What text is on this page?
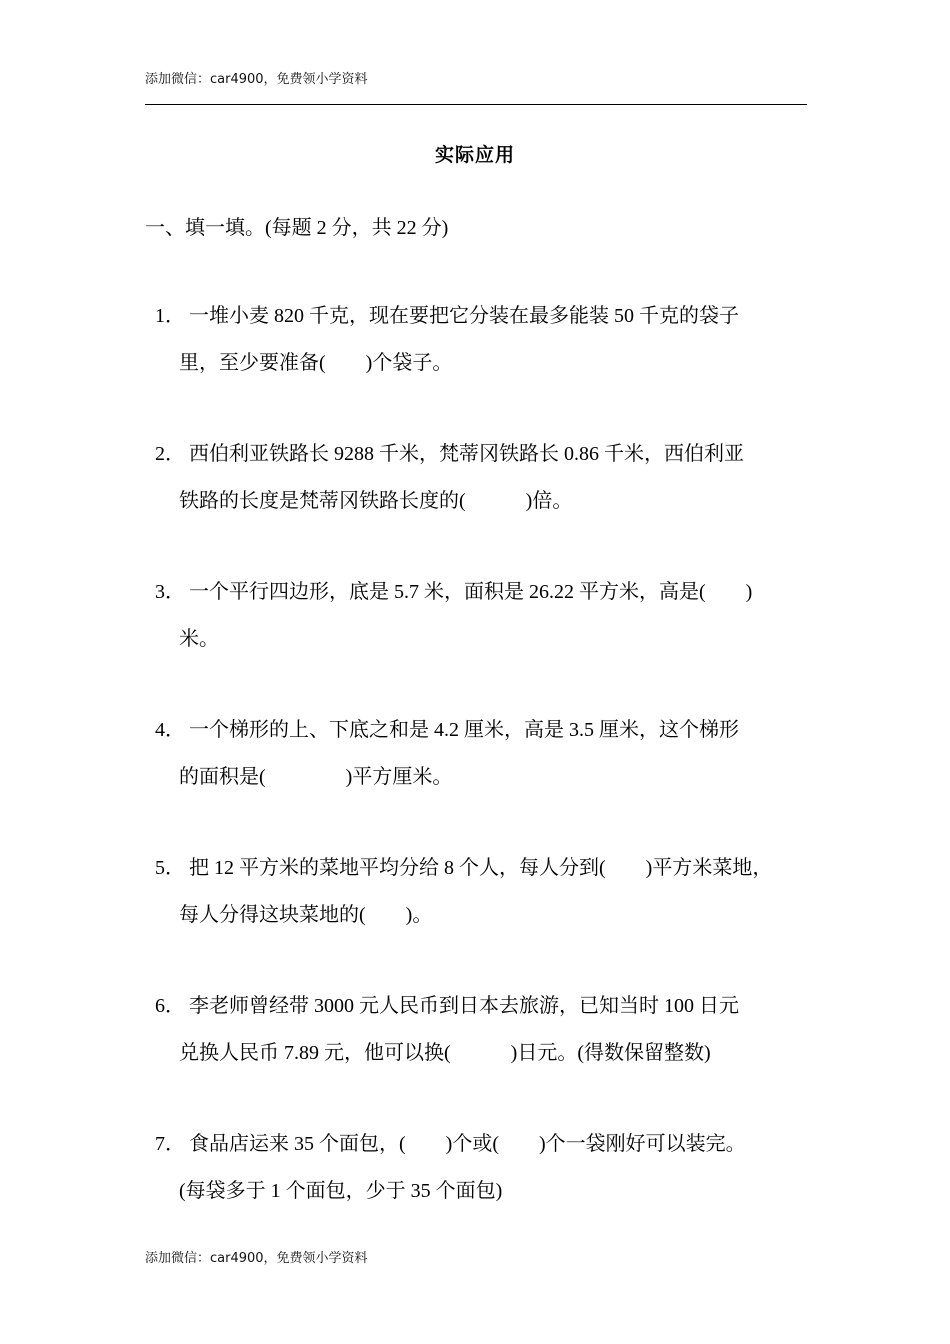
添加微信：car4900，免费领小学资料
实际应用
一、填一填。(每题 2 分，共 22 分)

1． 一堆小麦 820 千克，现在要把它分装在最多能装 50 千克的袋子

里，至少要准备(　　)个袋子。

2． 西伯利亚铁路长 9288 千米，梵蒂冈铁路长 0.86 千米，西伯利亚

铁路的长度是梵蒂冈铁路长度的(　　　)倍。

3． 一个平行四边形，底是 5.7 米，面积是 26.22 平方米，高是(　　)

米。

4． 一个梯形的上、下底之和是 4.2 厘米，高是 3.5 厘米，这个梯形

的面积是(　　　　)平方厘米。

5． 把 12 平方米的菜地平均分给 8 个人，每人分到(　　)平方米菜地，

每人分得这块菜地的(　　)。

6． 李老师曾经带 3000 元人民币到日本去旅游，已知当时 100 日元

兑换人民币 7.89 元，他可以换(　　　)日元。(得数保留整数)

7． 食品店运来 35 个面包，(　　)个或(　　)个一袋刚好可以装完。

(每袋多于 1 个面包，少于 35 个面包)
添加微信：car4900，免费领小学资料
